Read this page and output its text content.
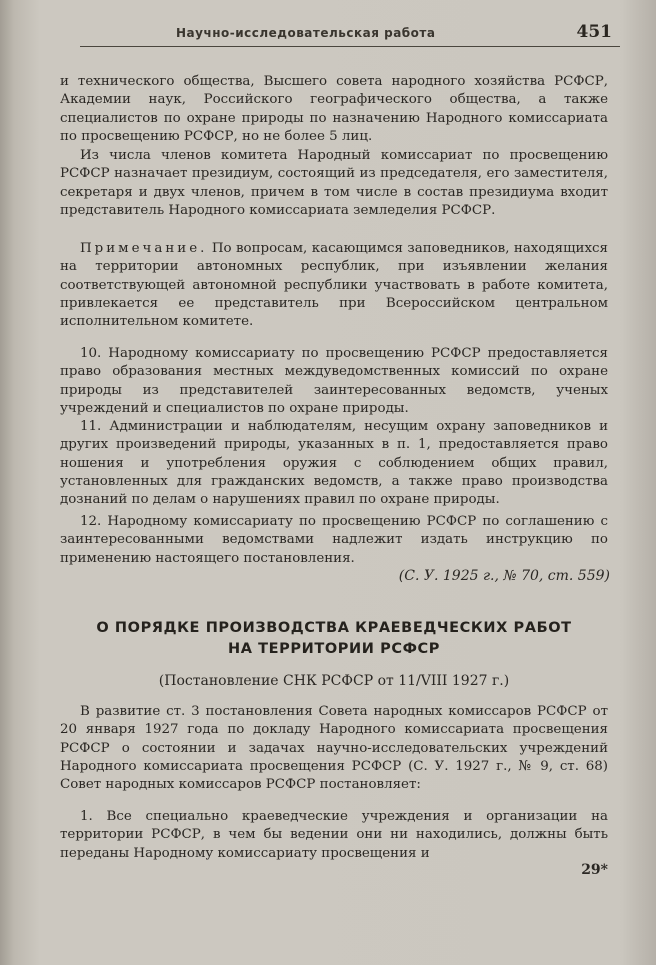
Научно-исследовательская работа	451

и технического общества, Высшего совета народного хозяйства РСФСР, Академии наук, Российского географического общества, а также специалистов по охране природы по назначению Народного комиссариата по просвещению РСФСР, но не более 5 лиц.

Из числа членов комитета Народный комиссариат по просвещению РСФСР назначает президиум, состоящий из председателя, его заместителя, секретаря и двух членов, причем в том числе в состав президиума входит представитель Народного комиссариата земледелия РСФСР.

Примечание. По вопросам, касающимся заповедников, находящихся на территории автономных республик, при изъявлении желания соответствующей автономной республики участвовать в работе комитета, привлекается ее представитель при Всероссийском центральном исполнительном комитете.

10. Народному комиссариату по просвещению РСФСР предоставляется право образования местных междуведомственных комиссий по охране природы из представителей заинтересованных ведомств, ученых учреждений и специалистов по охране природы.

11. Администрации и наблюдателям, несущим охрану заповедников и других произведений природы, указанных в п. 1, предоставляется право ношения и употребления оружия с соблюдением общих правил, установленных для гражданских ведомств, а также право производства дознаний по делам о нарушениях правил по охране природы.

12. Народному комиссариату по просвещению РСФСР по соглашению с заинтересованными ведомствами надлежит издать инструкцию по применению настоящего постановления.

(С. У. 1925 г., № 70, ст. 559)
О ПОРЯДКЕ ПРОИЗВОДСТВА КРАЕВЕДЧЕСКИХ РАБОТ
НА ТЕРРИТОРИИ РСФСР
(Постановление СНК РСФСР от 11/VIII 1927 г.)

В развитие ст. 3 постановления Совета народных комиссаров РСФСР от 20 января 1927 года по докладу Народного комиссариата просвещения РСФСР о состоянии и задачах научно-исследовательских учреждений Народного комиссариата просвещения РСФСР (С. У. 1927 г., № 9, ст. 68) Совет народных комиссаров РСФСР постановляет:

1. Все специально краеведческие учреждения и организации на территории РСФСР, в чем бы ведении они ни находились, должны быть переданы Народному комиссариату просвещения и

29*
